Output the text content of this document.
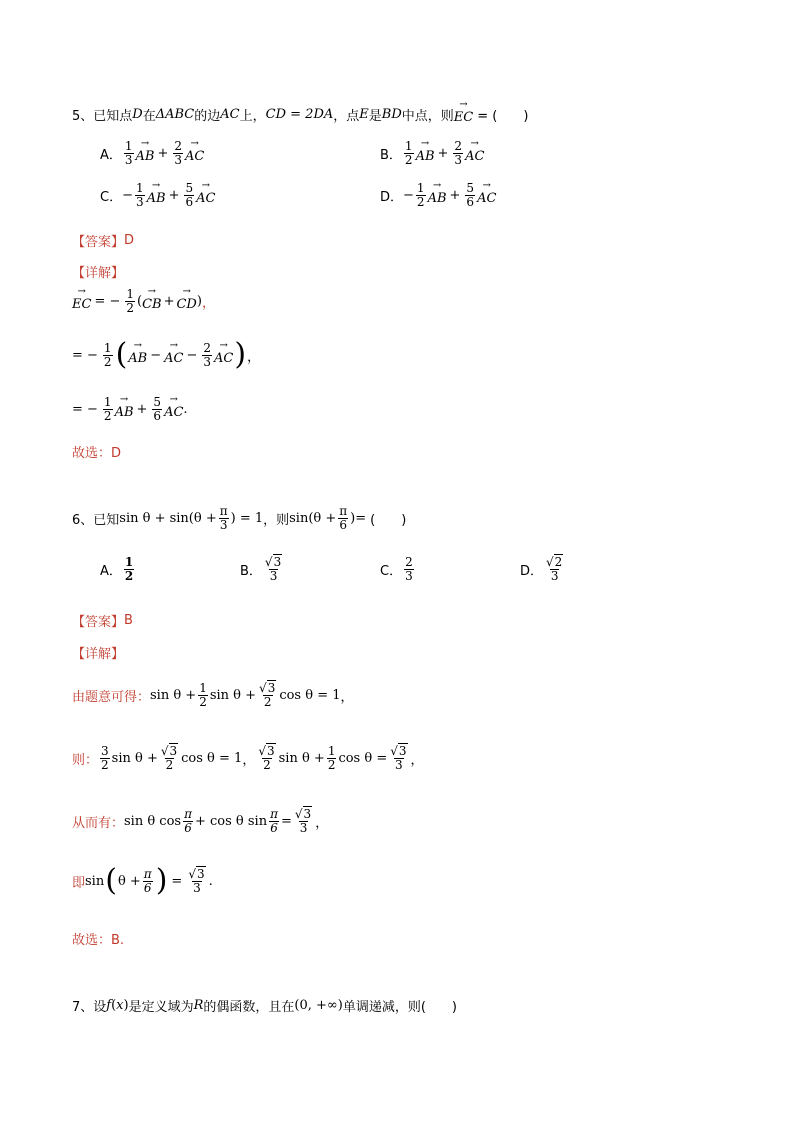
5、已知点 D 在 ΔABC 的边 AC 上， CD = 2DA ，点 E 是 BD 中点，则 → EC = (　　)
A． $\frac{1}{3}$ → AB + $\frac{2}{3}$ → AC	B． $\frac{1}{2}$ → AB + $\frac{2}{3}$ → AC
C． − $\frac{1}{3}$ → AB + $\frac{5}{6}$ → AC	D． − $\frac{1}{2}$ → AB + $\frac{5}{6}$ → AC
【答案】 D
【详解】
→ EC = − $\frac{1}{2}$ ( → CB + → CD ) ，
= − $\frac{1}{2}$ ( → AB − → AC − $\frac{2}{3}$ → AC ) ，
= − $\frac{1}{2}$ → AB + $\frac{5}{6}$ → AC .
故选：D
6、已知 $\sin \theta + \sin(\theta + \frac{\pi}{3}$ ) = 1 ，则 $\sin(\theta + \frac{\pi}{6}$ )= (　　)
A． $\frac{1}{2}$	B． $\frac{√3}{3}$	C． $\frac{2}{3}$	D． $\frac{√2}{3}$
【答案】 B
【详解】
由题意可得： $\sin \theta + \frac{1}{2}$ $\sin \theta + \frac{√3}{2}$ cos θ = 1 ，
则： $\frac{3}{2}$ $\sin \theta + \frac{√3}{2}$ cos θ = 1 ， $\frac{√3}{2}$ $\sin \theta + \frac{1}{2}$ $\cos \theta = \frac{√3}{3}$ ，
从而有： sin θ $\cos \frac{\pi}{6} + \cos \theta$ $\sin \frac{\pi}{6} = \frac{√3}{3}$ ，
即 sin ( $\theta + \frac{\pi}{6}$ ) = $\frac{√3}{3}$ .
故选：B.
7、设 f ( x ) 是定义域为 R 的偶函数，且在 (0, +∞) 单调递减，则 (　　)
